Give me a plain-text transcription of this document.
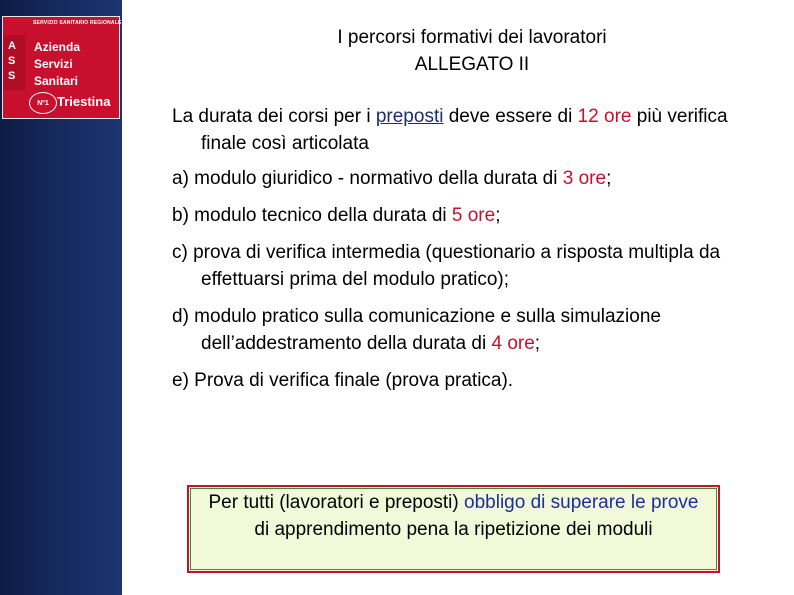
SERVIZIO SANITARIO REGIONALE
A
S
S
Azienda
Servizi
Sanitari
Nº1 Triestina
I percorsi formativi dei lavoratori
ALLEGATO II
La durata dei corsi per i preposti deve essere di 12 ore più verifica finale così articolata
a) modulo giuridico - normativo della durata di 3 ore;
b) modulo tecnico della durata di 5 ore;
c) prova di verifica intermedia (questionario a risposta multipla da effettuarsi prima del modulo pratico);
d) modulo pratico sulla comunicazione e sulla simulazione dell’addestramento della durata di 4 ore;
e) Prova di verifica finale (prova pratica).
Per tutti (lavoratori e preposti) obbligo di superare le prove di apprendimento pena la ripetizione dei moduli
